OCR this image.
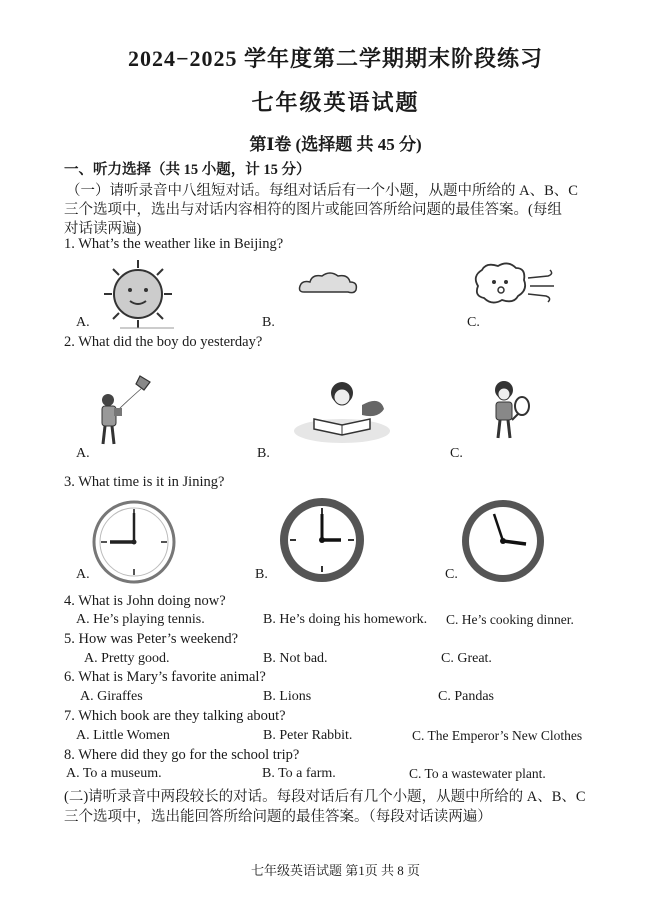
2024−2025 学年度第二学期期末阶段练习
七年级英语试题
第Ⅰ卷 (选择题 共 45 分)
一、听力选择（共 15 小题，计 15 分）
（一）请听录音中八组短对话。每组对话后有一个小题，从题中所给的 A、B、C
三个选项中，选出与对话内容相符的图片或能回答所给问题的最佳答案。(每组
对话读两遍)
1. What’s the weather like in Beijing?
A.	B.	C.
2. What did the boy do yesterday?
A.	B.	C.
3. What time is it in Jining?
A.	B.	C.
4. What is John doing now?
A. He’s playing tennis.	B. He’s doing his homework. C. He’s cooking dinner.
5. How was Peter’s weekend?
A. Pretty good.	B. Not bad.	C. Great.
6. What is Mary’s favorite animal?
A. Giraffes	B. Lions	C. Pandas
7. Which book are they talking about?
A. Little Women	B. Peter Rabbit.	C. The Emperor’s New Clothes
8. Where did they go for the school trip?
A. To a museum.	B. To a farm.	C. To a wastewater plant.
(二)请听录音中两段较长的对话。每段对话后有几个小题，从题中所给的 A、B、C
三个选项中，选出能回答所给问题的最佳答案。（每段对话读两遍）
七年级英语试题 第1页 共 8 页
